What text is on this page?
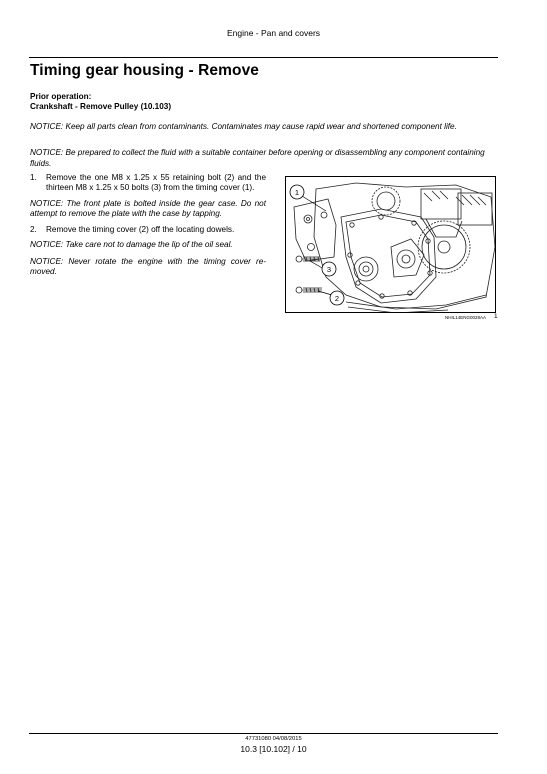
Engine - Pan and covers
Timing gear housing - Remove
Prior operation:
Crankshaft - Remove Pulley (10.103)
NOTICE: Keep all parts clean from contaminants. Contaminates may cause rapid wear and shortened component life.
NOTICE: Be prepared to collect the fluid with a suitable container before opening or disassembling any component containing fluids.
1.	Remove the one M8 x 1.25 x 55 retaining bolt (2) and the thirteen M8 x 1.25 x 50 bolts (3) from the timing cover (1).
NOTICE: The front plate is bolted inside the gear case. Do not attempt to remove the plate with the case by tapping.
2.	Remove the timing cover (2) off the locating dowels.
NOTICE: Take care not to damage the lip of the oil seal.
NOTICE: Never rotate the engine with the timing cover re-moved.
1
3
2
NHIL14ENG0028AA 1
47731080 04/08/2015
10.3 [10.102] / 10
